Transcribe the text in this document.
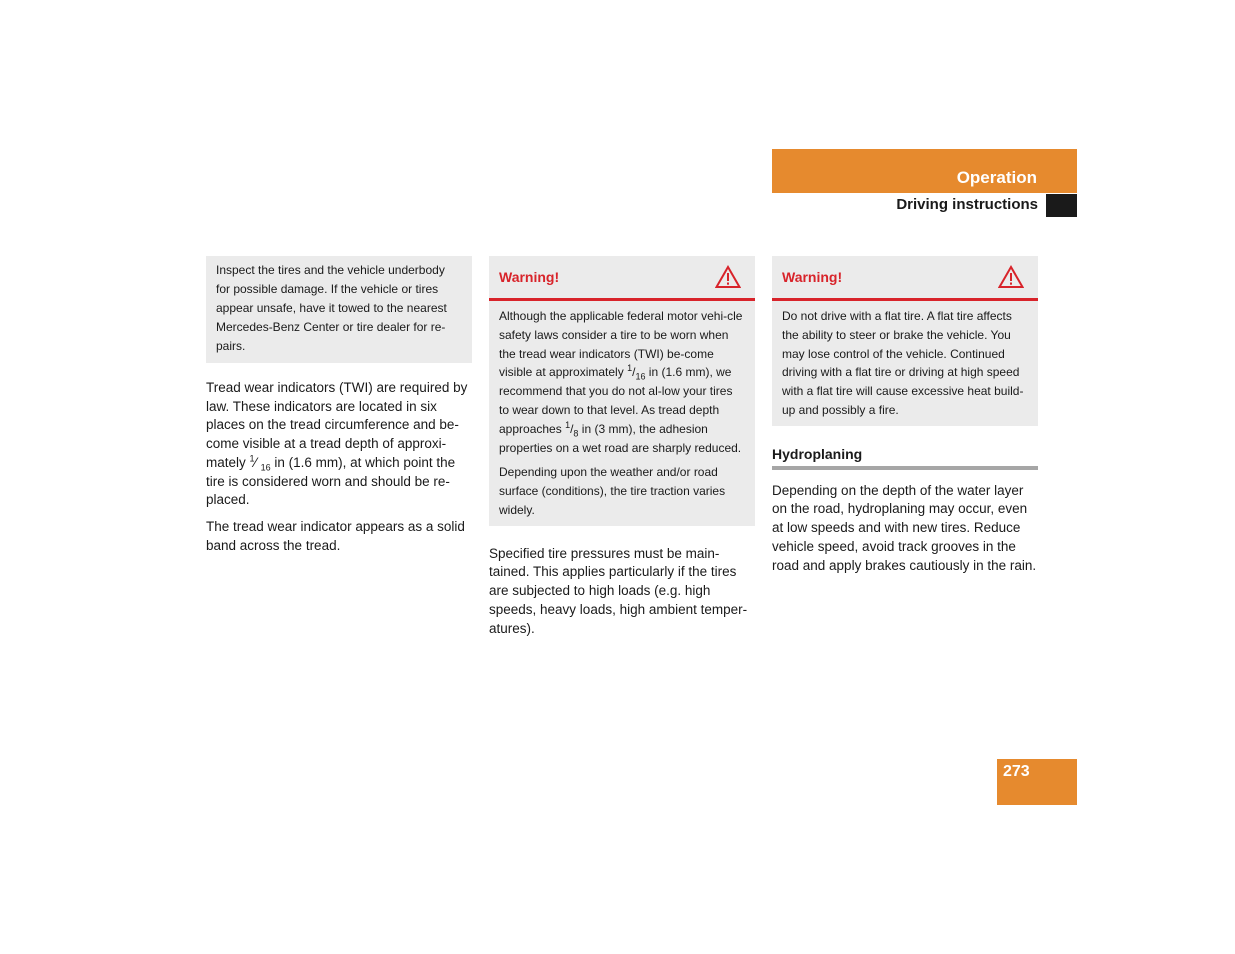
Operation
Driving instructions
Inspect the tires and the vehicle underbody for possible damage. If the vehicle or tires appear unsafe, have it towed to the nearest Mercedes-Benz Center or tire dealer for re-pairs.

Tread wear indicators (TWI) are required by law. These indicators are located in six places on the tread circumference and be-come visible at a tread depth of approxi-mately $^1$⁄ $_{16}$ in (1.6 mm), at which point the tire is considered worn and should be re-placed.

The tread wear indicator appears as a solid band across the tread.

Warning!

Although the applicable federal motor vehi-cle safety laws consider a tire to be worn when the tread wear indicators (TWI) be-come visible at approximately $^1/_{16}$ in (1.6 mm), we recommend that you do not al-low your tires to wear down to that level. As tread depth approaches $^1/_8$ in (3 mm), the adhesion properties on a wet road are sharply reduced.

Depending upon the weather and/or road surface (conditions), the tire traction varies widely.

Specified tire pressures must be main-tained. This applies particularly if the tires are subjected to high loads (e.g. high speeds, heavy loads, high ambient temper-atures).

Warning!

Do not drive with a flat tire. A flat tire affects the ability to steer or brake the vehicle. You may lose control of the vehicle. Continued driving with a flat tire or driving at high speed with a flat tire will cause excessive heat build-up and possibly a fire.

Hydroplaning

Depending on the depth of the water layer on the road, hydroplaning may occur, even at low speeds and with new tires. Reduce vehicle speed, avoid track grooves in the road and apply brakes cautiously in the rain.

273
